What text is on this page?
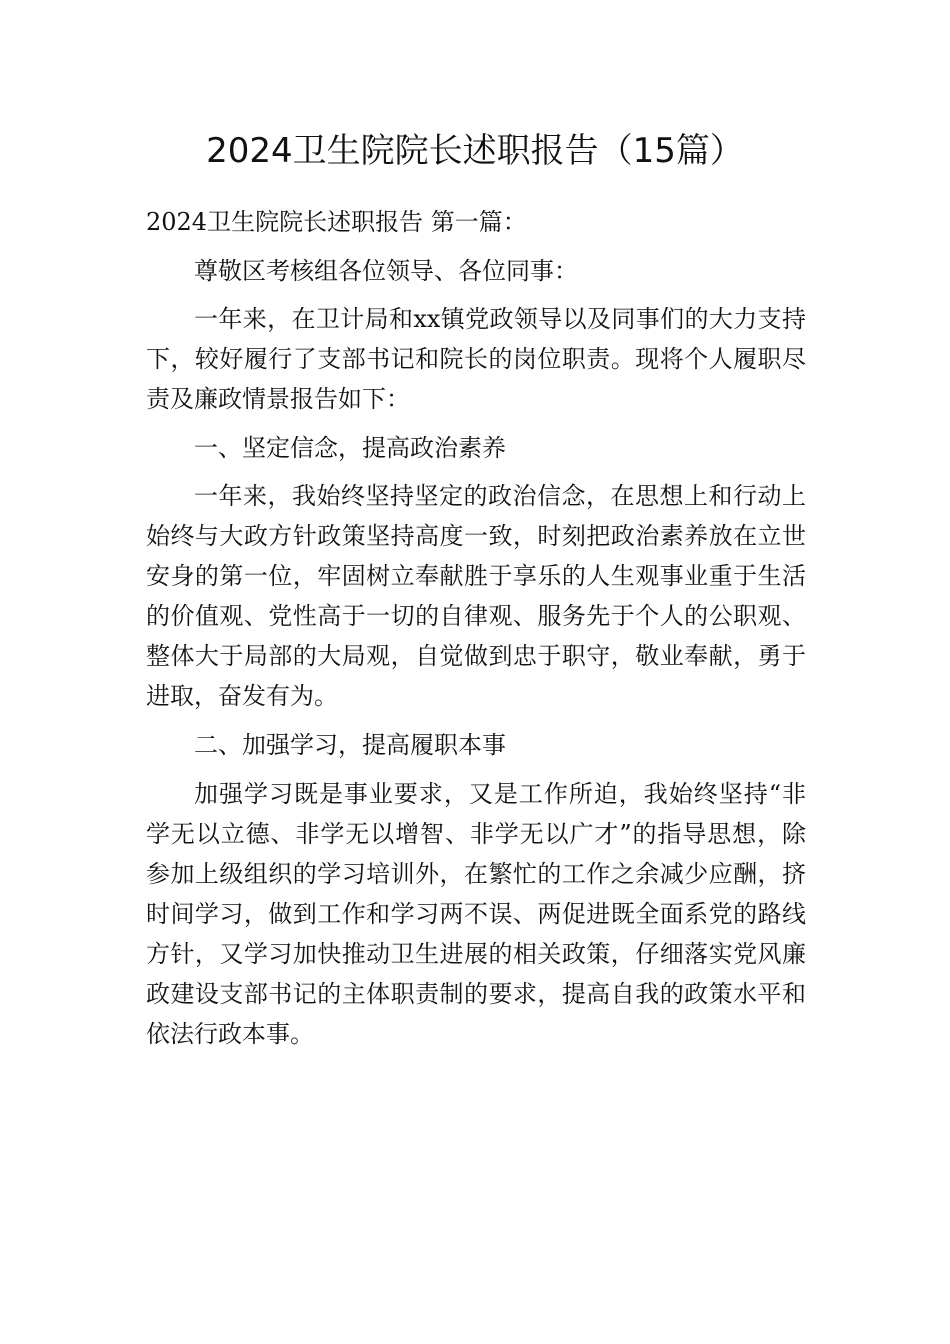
2024卫生院院长述职报告（15篇）

2024卫生院院长述职报告 第一篇：

尊敬区考核组各位领导、各位同事：

一年来，在卫计局和xx镇党政领导以及同事们的大力支持下，较好履行了支部书记和院长的岗位职责。现将个人履职尽责及廉政情景报告如下：

一、坚定信念，提高政治素养

一年来，我始终坚持坚定的政治信念，在思想上和行动上始终与大政方针政策坚持高度一致，时刻把政治素养放在立世安身的第一位，牢固树立奉献胜于享乐的人生观事业重于生活的价值观、党性高于一切的自律观、服务先于个人的公职观、整体大于局部的大局观，自觉做到忠于职守，敬业奉献，勇于进取，奋发有为。

二、加强学习，提高履职本事

加强学习既是事业要求，又是工作所迫，我始终坚持“非学无以立德、非学无以增智、非学无以广才”的指导思想，除参加上级组织的学习培训外，在繁忙的工作之余减少应酬，挤时间学习，做到工作和学习两不误、两促进既全面系党的路线方针，又学习加快推动卫生进展的相关政策，仔细落实党风廉政建设支部书记的主体职责制的要求，提高自我的政策水平和依法行政本事。
